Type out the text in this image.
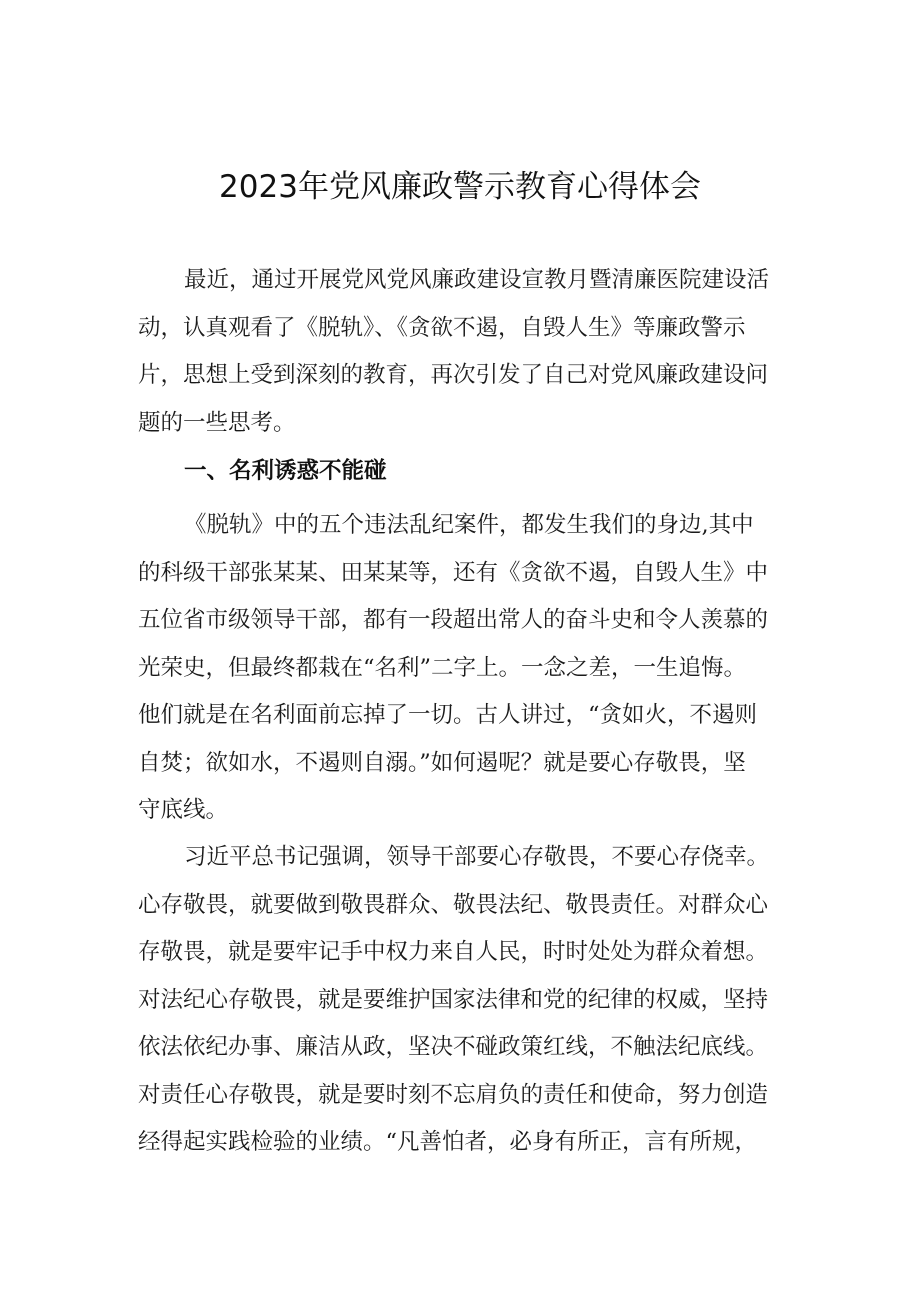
2023年党风廉政警示教育心得体会
最近，通过开展党风党风廉政建设宣教月暨清廉医院建设活
动，认真观看了《脱轨》、《贪欲不遏，自毁人生》等廉政警示
片，思想上受到深刻的教育，再次引发了自己对党风廉政建设问
题的一些思考。
一、名利诱惑不能碰
《脱轨》中的五个违法乱纪案件，都发生我们的身边,其中
的科级干部张某某、田某某等，还有《贪欲不遏，自毁人生》中
五位省市级领导干部，都有一段超出常人的奋斗史和令人羡慕的
光荣史，但最终都栽在“名利”二字上。一念之差，一生追悔。
他们就是在名利面前忘掉了一切。古人讲过，“贪如火，不遏则
自焚；欲如水，不遏则自溺。”如何遏呢？就是要心存敬畏，坚
守底线。
习近平总书记强调，领导干部要心存敬畏，不要心存侥幸。
心存敬畏，就要做到敬畏群众、敬畏法纪、敬畏责任。对群众心
存敬畏，就是要牢记手中权力来自人民，时时处处为群众着想。
对法纪心存敬畏，就是要维护国家法律和党的纪律的权威，坚持
依法依纪办事、廉洁从政，坚决不碰政策红线，不触法纪底线。
对责任心存敬畏，就是要时刻不忘肩负的责任和使命，努力创造
经得起实践检验的业绩。“凡善怕者，必身有所正，言有所规，
